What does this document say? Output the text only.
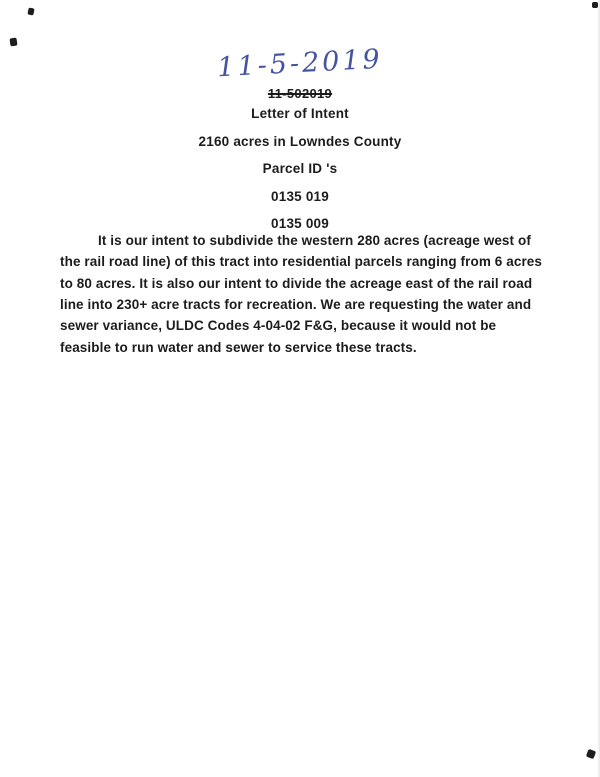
11-5-2019
11-502019
Letter of Intent
2160 acres in Lowndes County
Parcel ID 's
0135 019
0135 009

It is our intent to subdivide the western 280 acres (acreage west of the rail road line) of this tract into residential parcels ranging from 6 acres to 80 acres. It is also our intent to divide the acreage east of the rail road line into 230+ acre tracts for recreation. We are requesting the water and sewer variance, ULDC Codes 4-04-02 F&G, because it would not be feasible to run water and sewer to service these tracts.
